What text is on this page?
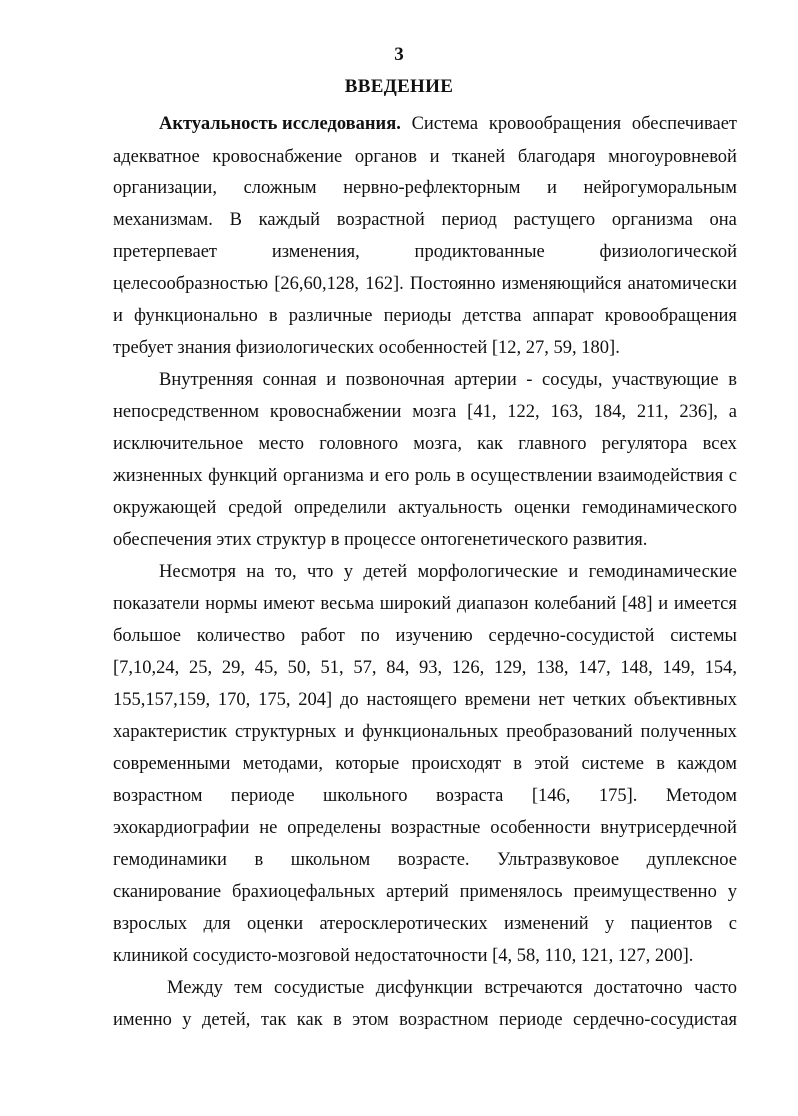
3
ВВЕДЕНИЕ
Актуальность исследования. Система кровообращения обеспечивает
адекватное кровоснабжение органов и тканей благодаря многоуровневой
организации, сложным нервно-рефлекторным и нейрогуморальным
механизмам. В каждый возрастной период растущего организма она
претерпевает	изменения,	продиктованные	физиологической
целесообразностью [26,60,128, 162]. Постоянно изменяющийся анатомически
и функционально в различные периоды детства аппарат кровообращения
требует знания физиологических особенностей [12, 27, 59, 180].
Внутренняя сонная и позвоночная артерии - сосуды, участвующие в
непосредственном кровоснабжении мозга [41, 122, 163, 184, 211, 236], а
исключительное место головного мозга, как главного регулятора всех
жизненных функций организма и его роль в осуществлении взаимодействия с
окружающей средой определили актуальность оценки гемодинамического
обеспечения этих структур в процессе онтогенетического развития.
Несмотря на то, что у детей морфологические и гемодинамические
показатели нормы имеют весьма широкий диапазон колебаний [48] и имеется
большое количество работ по изучению сердечно-сосудистой системы
[7,10,24, 25, 29, 45, 50, 51, 57, 84, 93, 126, 129, 138, 147, 148, 149, 154,
155,157,159, 170, 175, 204] до настоящего времени нет четких объективных
характеристик структурных и функциональных преобразований полученных
современными методами, которые происходят в этой системе в каждом
возрастном периоде школьного возраста [146, 175]. Методом
эхокардиографии не определены возрастные особенности внутрисердечной
гемодинамики в школьном возрасте. Ультразвуковое дуплексное
сканирование брахиоцефальных артерий применялось преимущественно у
взрослых для оценки атеросклеротических изменений у пациентов с
клиникой сосудисто-мозговой недостаточности [4, 58, 110, 121, 127, 200].
Между тем сосудистые дисфункции встречаются достаточно часто
именно у детей, так как в этом возрастном периоде сердечно-сосудистая
